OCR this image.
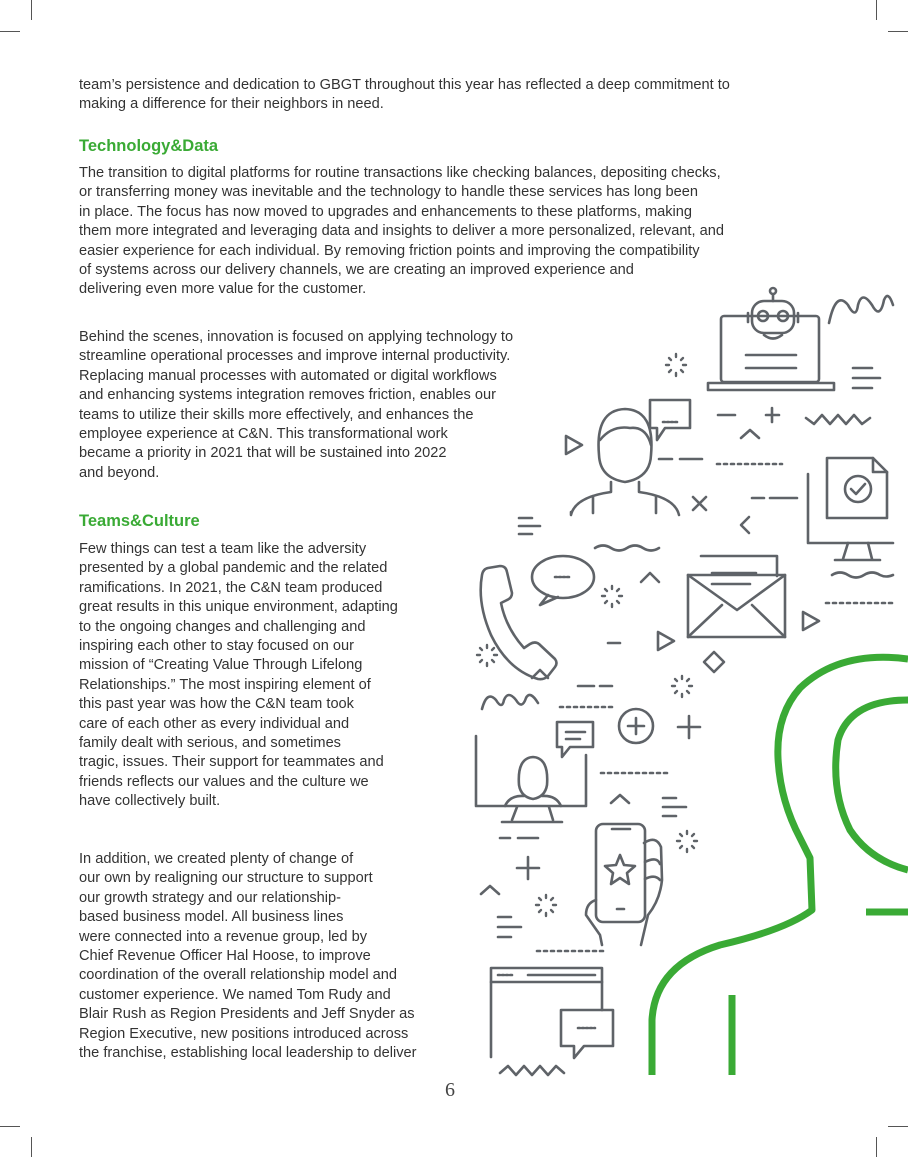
team’s persistence and dedication to GBGT throughout this year has reflected a deep commitment to
making a difference for their neighbors in need.

Technology&Data

The transition to digital platforms for routine transactions like checking balances, depositing checks,
or transferring money was inevitable and the technology to handle these services has long been
in place. The focus has now moved to upgrades and enhancements to these platforms, making
them more integrated and leveraging data and insights to deliver a more personalized, relevant, and
easier experience for each individual. By removing friction points and improving the compatibility
of systems across our delivery channels, we are creating an improved experience and
delivering even more value for the customer.

Behind the scenes, innovation is focused on applying technology to
streamline operational processes and improve internal productivity.
Replacing manual processes with automated or digital workflows
and enhancing systems integration removes friction, enables our
teams to utilize their skills more effectively, and enhances the
employee experience at C&N. This transformational work
became a priority in 2021 that will be sustained into 2022
and beyond.

Teams&Culture

Few things can test a team like the adversity
presented by a global pandemic and the related
ramifications. In 2021, the C&N team produced
great results in this unique environment, adapting
to the ongoing changes and challenging and
inspiring each other to stay focused on our
mission of “Creating Value Through Lifelong
Relationships.” The most inspiring element of
this past year was how the C&N team took
care of each other as every individual and
family dealt with serious, and sometimes
tragic, issues. Their support for teammates and
friends reflects our values and the culture we
have collectively built.

In addition, we created plenty of change of
our own by realigning our structure to support
our growth strategy and our relationship-
based business model. All business lines
were connected into a revenue group, led by
Chief Revenue Officer Hal Hoose, to improve
coordination of the overall relationship model and
customer experience. We named Tom Rudy and
Blair Rush as Region Presidents and Jeff Snyder as
Region Executive, new positions introduced across
the franchise, establishing local leadership to deliver

6
